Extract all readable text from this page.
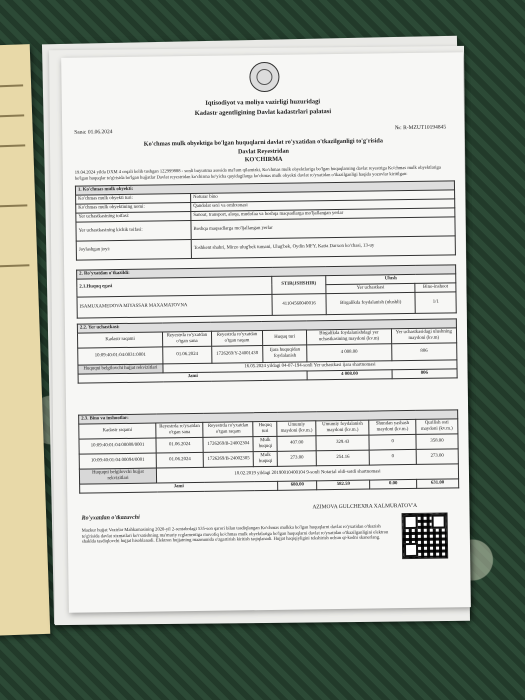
Iqtisodiyot va moliya vazirligi huzuridagi
Kadastr agentligining Davlat kadastrlari palatasi
Sana: 01.06.2024
№: R-MZUT10194845
Ko'chmas mulk obyektiga bo'lgan huquqlarni davlat ro'yxatidan o'tkazilganligi to'g'risida
Davlat Reyestridan
KO'CHIRMA
19.04.2024 yilda DXM 4 orqali kelib tushgan 122999888 - sonli buyurtma asosida ma'lum qilamizki, Ko'chmas mulk obyektlariga bo'lgan huquqlarning davlat reyestriga Ko'chmas mulk obyektlariga bo'lgan huquqlar to'g'risida bo'lgan hujjatlar Davlat reyestridan ko'chirma bo'yicha quyidagilarga ko'chmas mulk obyekti davlat ro'yxatidan o'tkazilganligi haqida yozuvlar kiritilgan:
1. Ko'chmas mulk obyekti:	
Ko'chmas mulk obyekti turi:	Noturar bino
Ko'chmas mulk obyektining nomi:	Qandolat sexi va ombxonasi
Yer uchastkasining toifasi:	Sanoat, transport, aloqa, mudofaa va boshqa maqsadlarga mo'ljallangan yerlar
Yer uchastkasining kichik toifasi:	Boshqa maqsadlarga mo'ljallangan yerlar
Joylashgan joyi:	Toshkent shahri, Mirzo ulug'bek tumani, Ulug'bek, Oydin MFY, Katta Darxon ko'chasi, 13-uy
2. Ro'yxatdan o'tkazildi:			
2.1.Huquq egasi	STIR(JSHSHIR)	Ulush	
		Yer uchastkasi	Bino-inshoot
ISAMUXAMEDOVA MIYASSAR MAXAMATOVNA	41104560040016	Birgalikda foydalanish (ulushli)	1/1
2.2. Yer uchastkasi:					
Kadastr raqami	Reyestrda ro'yxatdan o'tgan sana	Reyestrda ro'yxatdan o'tgan raqam	Huquq turi	Birgalikda foydalanishdagi yer uchastkasining maydoni (kv.m)	Yer uchastkasidagi ulushning maydoni (kv.m)
10:09:40:01:04:0031:0001	01.06.2024	1726269/Y-24001438	Ijara huquqidan foydalanish	4 008.00	806
Huquqni belgilovchi hujjat rekvizitlari	16.05.2024 yildagi 04-07-194-sonli Yer uchastkasi ijara shartnomasi				
Jami				4 008.00	806
2.3. Bino va inshootlar:							
Kadastr raqami	Reyestrda ro'yxatdan o'tgan sana	Reyestrda ro'yxatdan o'tgan raqam	Huquq turi	Umumiy maydoni (kv.m.)	Umumiy foydalanish maydoni (kv.m.)	Shundan yashash maydoni (kv.m.)	Qurilish osti maydoni (kv.m.)
10:09:40:01:04:00088/0001	01.06.2024	1726269/B-24002304	Mulk huquqi	407.00	329.43	0	358.00
10:09:40:01:04:00094/0001	01.06.2024	1726269/B-24002305	Mulk huquqi	273.00	254.16	0	273.00
Huquqni belgilovchi hujjat rekvizitlari	18.02.2019 yildagi 20190010400104 9-sonli Notarial oldi-sotdi shartnomasi						
Jami				680.00	582.59	0.00	631.00
AZIMOVA GULCHEXRA XALMURATOV'A
Ro'yxatdan o'tkazuvchi
Mazkur hujjat Vazirlar Mahkamasining 2020-yil 2-sentabrdagi 535-son qarori bilan tasdiqlangan Ko'chmas mulkka bo'lgan huquqlarni davlat ro'yxatidan o'tkazish to'g'risida davlat xizmatlari ko'rsatishning ma'muriy reglamentiga muvofiq ko'chmas mulk obyektlariga bo'lgan huquqlarni davlat ro'yxatidan o'tkazilganligini elektron shaklda tasdiqlovchi hujjat hisoblanadi. Elektron hujjatning mazmunida o'zgartirish kiritish taqiqlanadi. Hujjat haqiqiyligini tekshirish uchun qr-kodni skanerlang.
